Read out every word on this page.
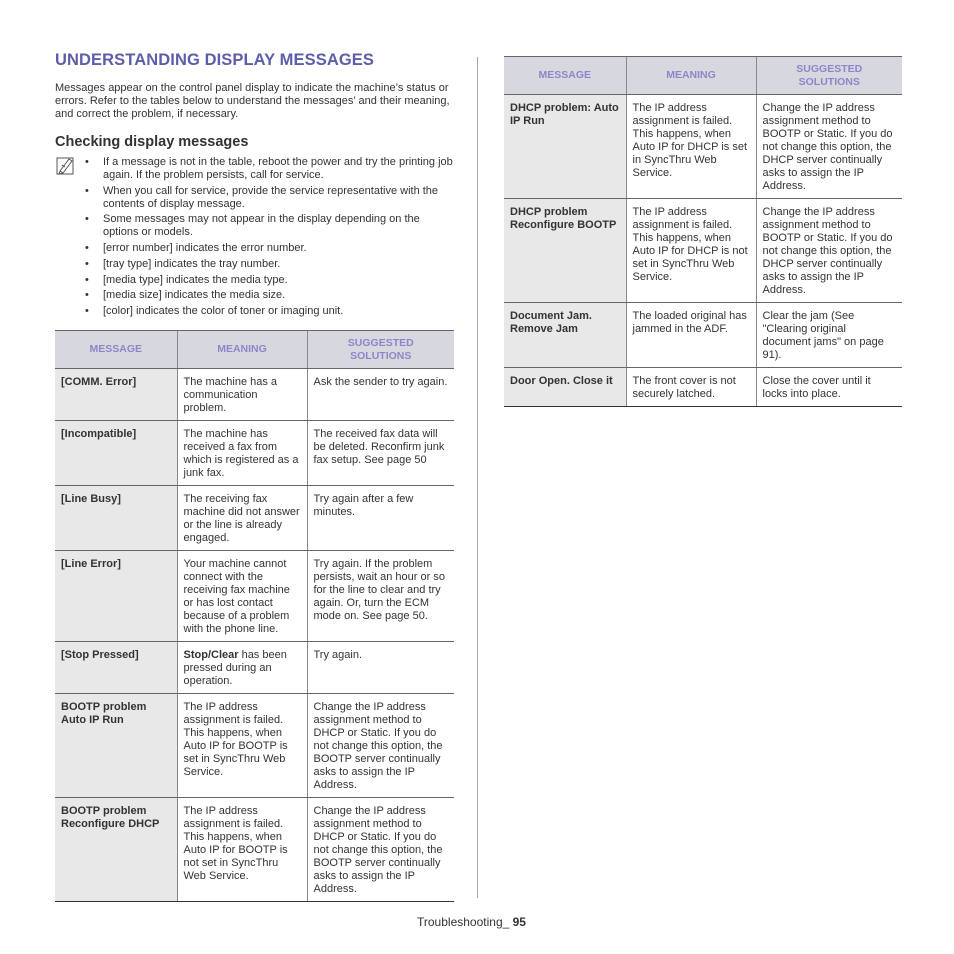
UNDERSTANDING DISPLAY MESSAGES

Messages appear on the control panel display to indicate the machine’s status or errors. Refer to the tables below to understand the messages’ and their meaning, and correct the problem, if necessary.

Checking display messages
• If a message is not in the table, reboot the power and try the printing job again. If the problem persists, call for service.
• When you call for service, provide the service representative with the contents of display message.
• Some messages may not appear in the display depending on the options or models.
• [error number] indicates the error number.
• [tray type] indicates the tray number.
• [media type] indicates the media type.
• [media size] indicates the media size.
• [color] indicates the color of toner or imaging unit.
MESSAGE	MEANING	SUGGESTED SOLUTIONS
[COMM. Error]	The machine has a communication problem.	Ask the sender to try again.
[Incompatible]	The machine has received a fax from which is registered as a junk fax.	The received fax data will be deleted. Reconfirm junk fax setup. See page 50
[Line Busy]	The receiving fax machine did not answer or the line is already engaged.	Try again after a few minutes.
[Line Error]	Your machine cannot connect with the receiving fax machine or has lost contact because of a problem with the phone line.	Try again. If the problem persists, wait an hour or so for the line to clear and try again. Or, turn the ECM mode on. See page 50.
[Stop Pressed]	Stop/Clear has been pressed during an operation.	Try again.
BOOTP problem Auto IP Run	The IP address assignment is failed. This happens, when Auto IP for BOOTP is set in SyncThru Web Service.	Change the IP address assignment method to DHCP or Static. If you do not change this option, the BOOTP server continually asks to assign the IP Address.
BOOTP problem Reconfigure DHCP	The IP address assignment is failed. This happens, when Auto IP for BOOTP is not set in SyncThru Web Service.	Change the IP address assignment method to DHCP or Static. If you do not change this option, the BOOTP server continually asks to assign the IP Address.
MESSAGE	MEANING	SUGGESTED SOLUTIONS
DHCP problem: Auto IP Run	The IP address assignment is failed. This happens, when Auto IP for DHCP is set in SyncThru Web Service.	Change the IP address assignment method to BOOTP or Static. If you do not change this option, the DHCP server continually asks to assign the IP Address.
DHCP problem Reconfigure BOOTP	The IP address assignment is failed. This happens, when Auto IP for DHCP is not set in SyncThru Web Service.	Change the IP address assignment method to BOOTP or Static. If you do not change this option, the DHCP server continually asks to assign the IP Address.
Document Jam. Remove Jam	The loaded original has jammed in the ADF.	Clear the jam (See "Clearing original document jams" on page 91).
Door Open. Close it	The front cover is not securely latched.	Close the cover until it locks into place.
Troubleshooting_ 95
